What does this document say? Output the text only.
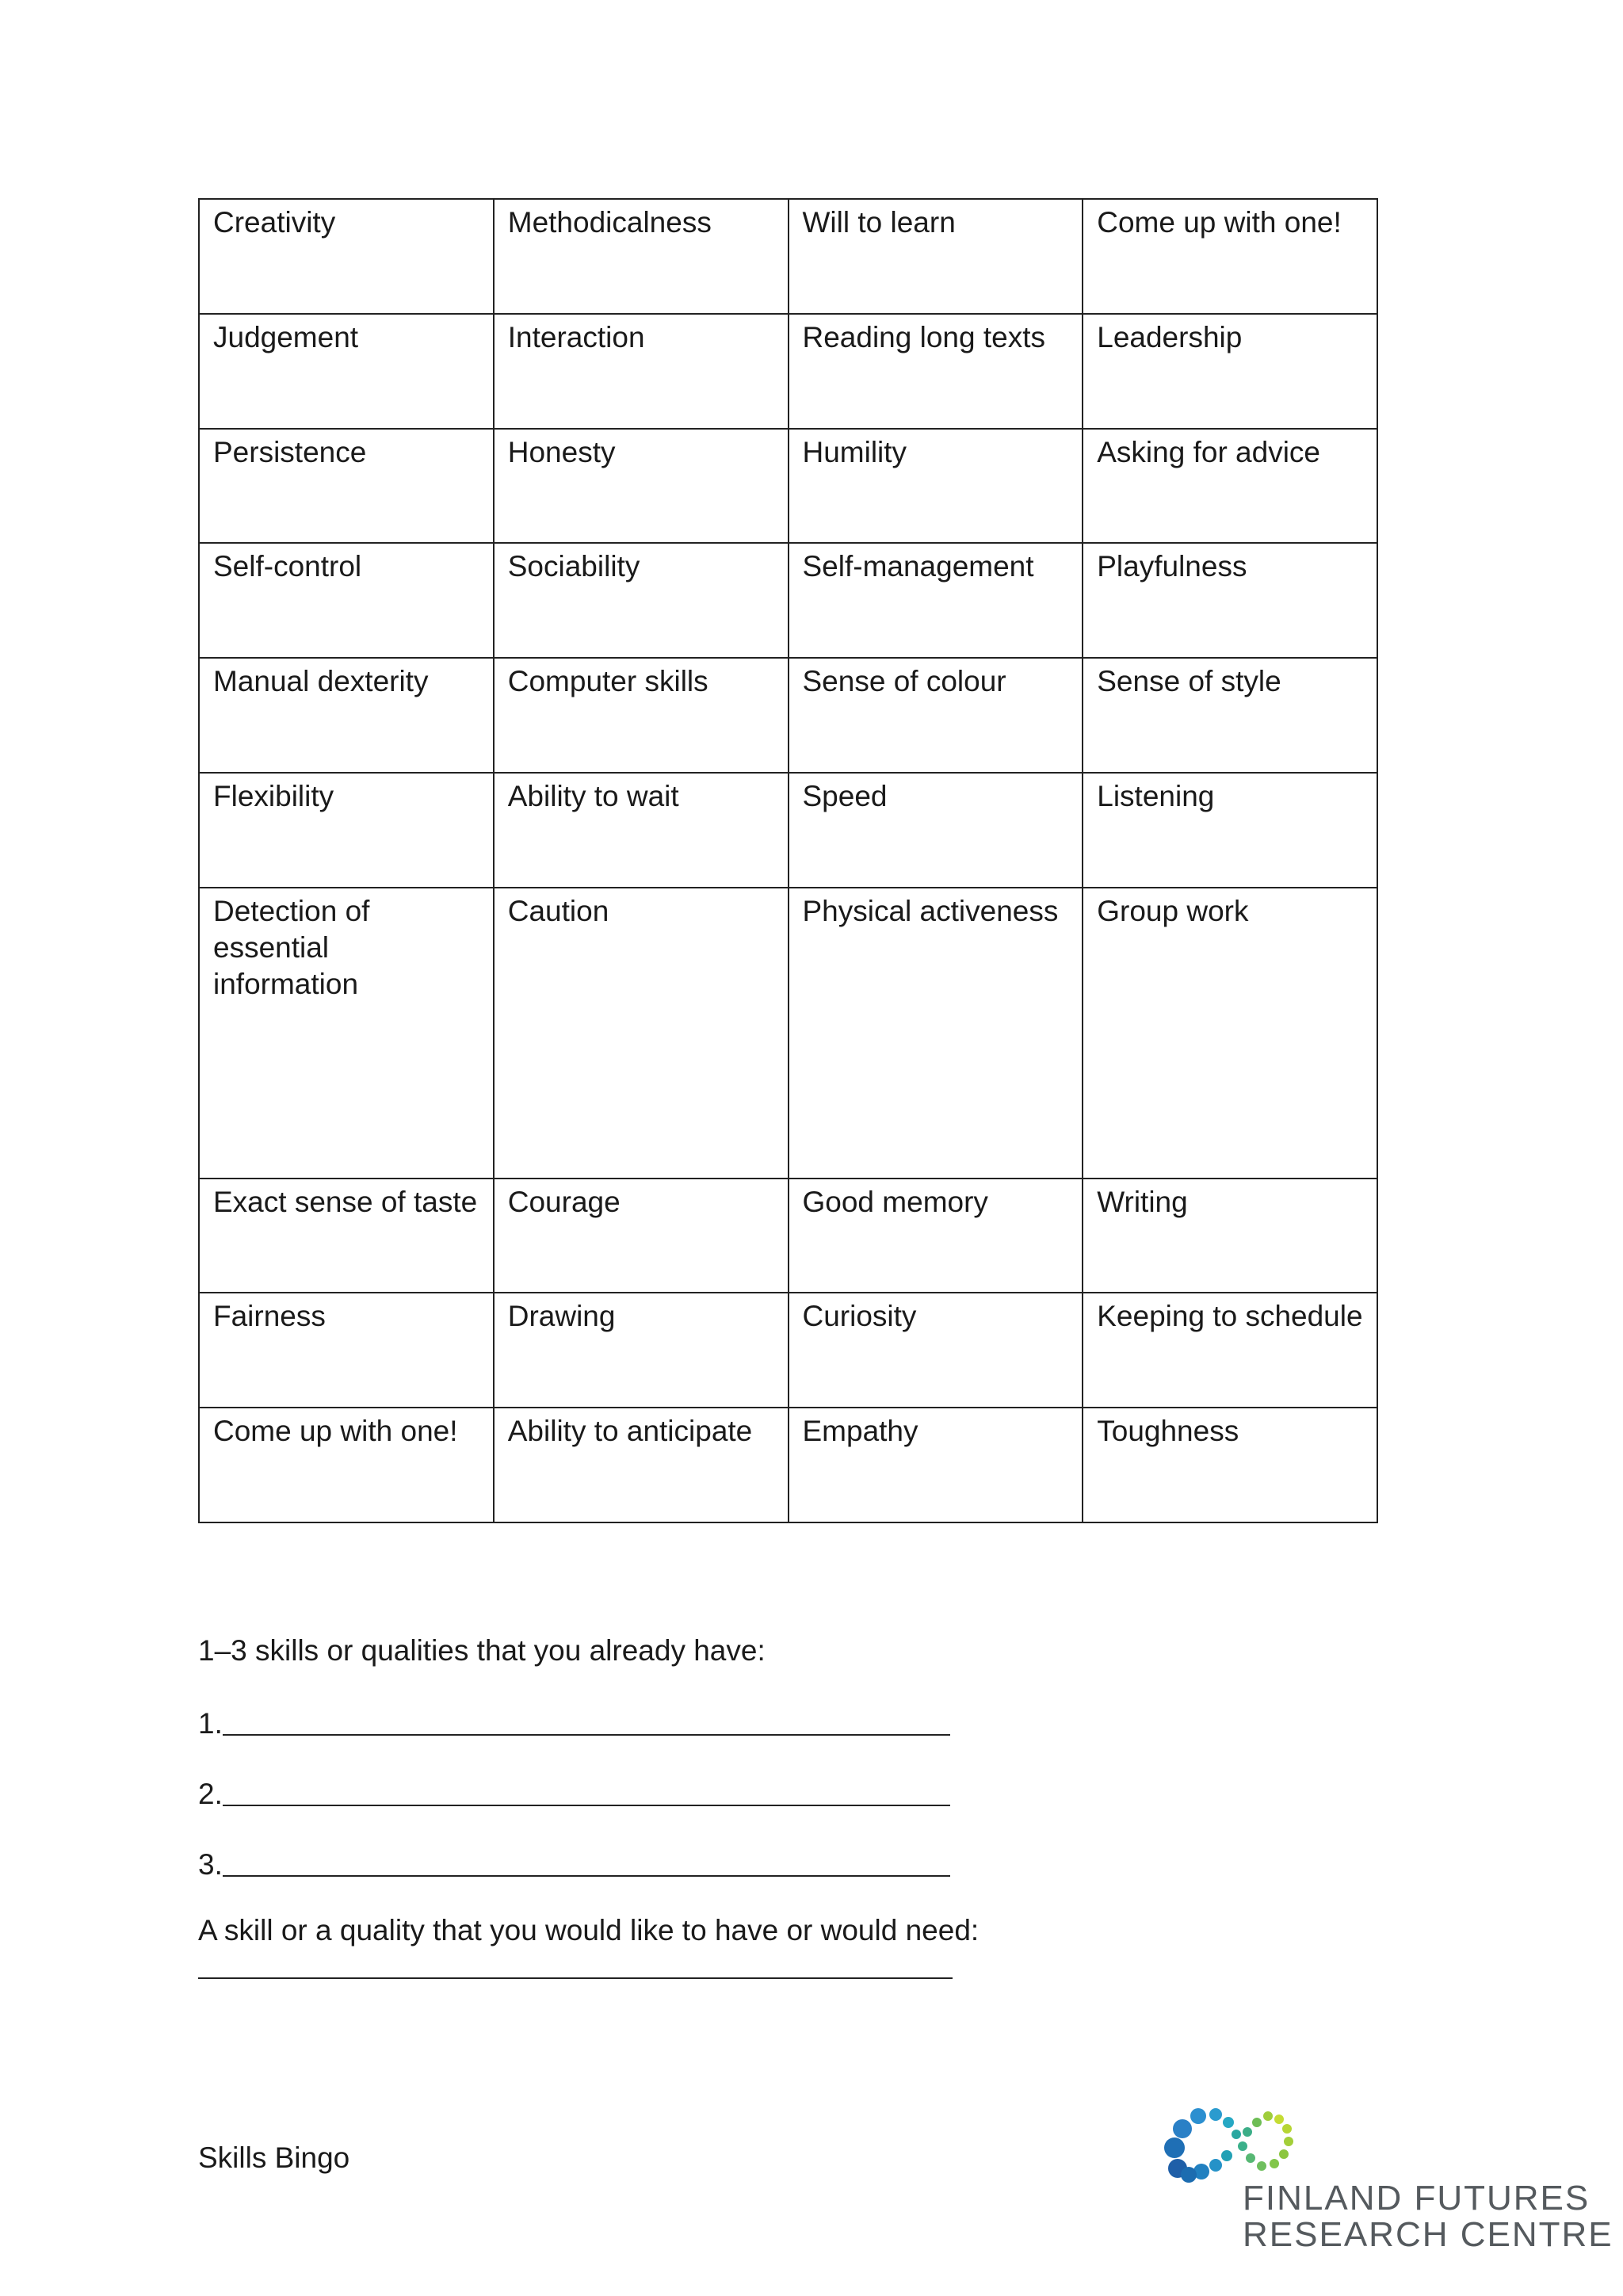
Creativity	Methodicalness	Will to learn	Come up with one!
Judgement	Interaction	Reading long texts	Leadership
Persistence	Honesty	Humility	Asking for advice
Self-control	Sociability	Self-management	Playfulness
Manual dexterity	Computer skills	Sense of colour	Sense of style
Flexibility	Ability to wait	Speed	Listening
Detection of essential information	Caution	Physical activeness	Group work
Exact sense of taste	Courage	Good memory	Writing
Fairness	Drawing	Curiosity	Keeping to schedule
Come up with one!	Ability to anticipate	Empathy	Toughness
1–3 skills or qualities that you already have:
1.
2.
3.
A skill or a quality that you would like to have or would need:
Skills Bingo
FINLAND FUTURES
RESEARCH CENTRE
